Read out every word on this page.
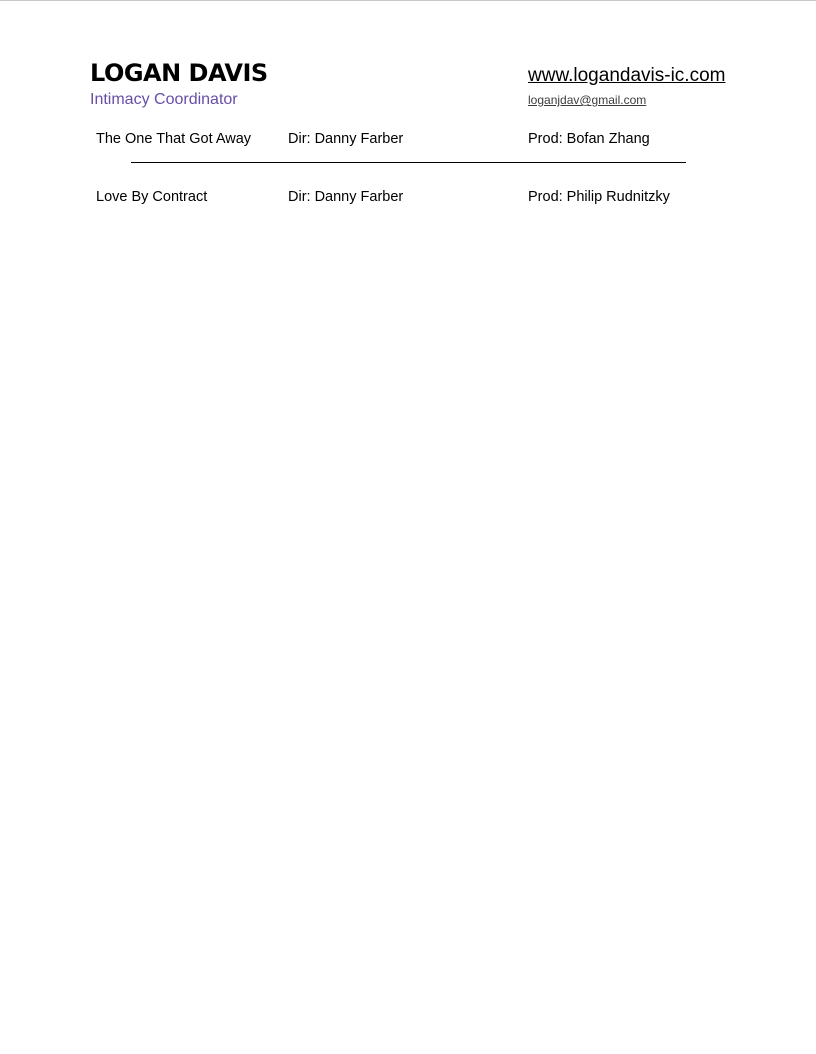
LOGAN DAVIS
Intimacy Coordinator
www.logandavis-ic.com
loganjdav@gmail.com
The One That Got Away	Dir: Danny Farber	Prod: Bofan Zhang
Love By Contract	Dir: Danny Farber	Prod: Philip Rudnitzky
